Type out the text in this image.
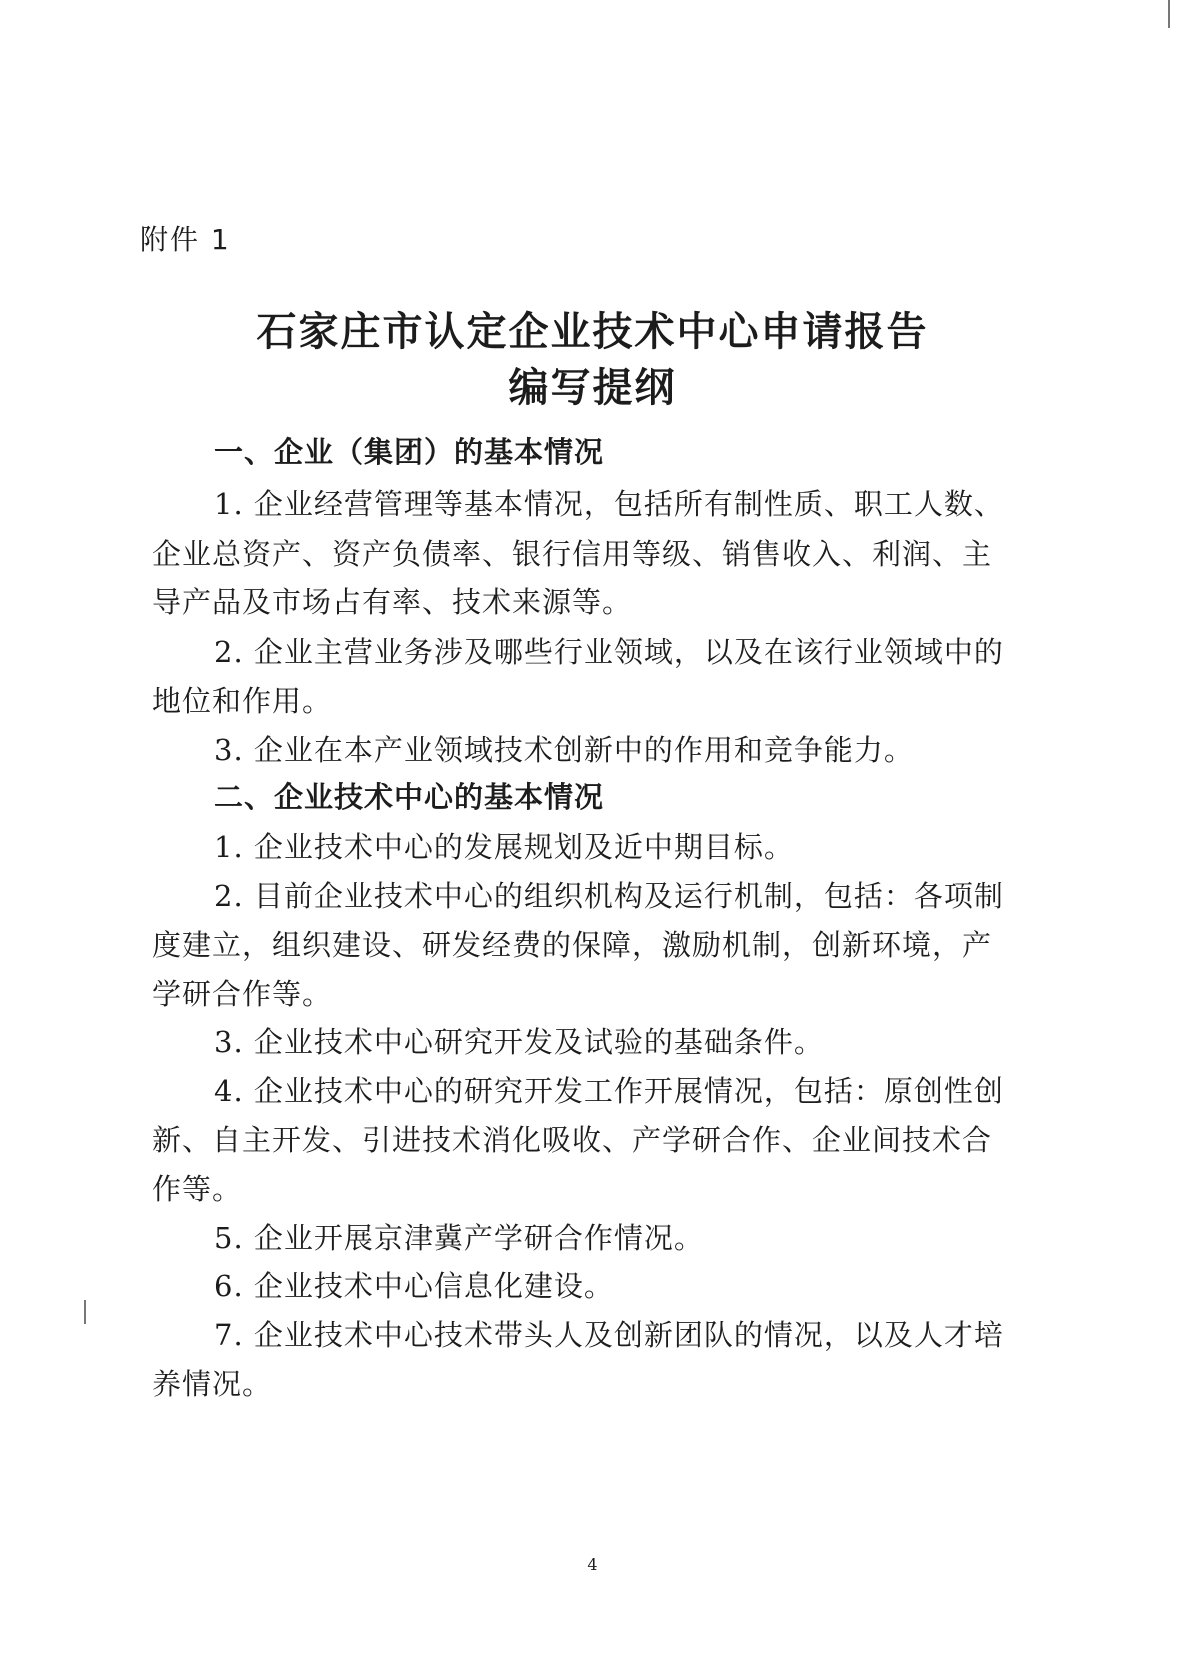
附件 1
石家庄市认定企业技术中心申请报告
编写提纲
一、企业（集团）的基本情况
1. 企业经营管理等基本情况，包括所有制性质、职工人数、
企业总资产、资产负债率、银行信用等级、销售收入、利润、主
导产品及市场占有率、技术来源等。
2. 企业主营业务涉及哪些行业领域，以及在该行业领域中的
地位和作用。
3. 企业在本产业领域技术创新中的作用和竞争能力。
二、企业技术中心的基本情况
1. 企业技术中心的发展规划及近中期目标。
2. 目前企业技术中心的组织机构及运行机制，包括：各项制
度建立，组织建设、研发经费的保障，激励机制，创新环境，产
学研合作等。
3. 企业技术中心研究开发及试验的基础条件。
4. 企业技术中心的研究开发工作开展情况，包括：原创性创
新、自主开发、引进技术消化吸收、产学研合作、企业间技术合
作等。
5. 企业开展京津冀产学研合作情况。
6. 企业技术中心信息化建设。
7. 企业技术中心技术带头人及创新团队的情况，以及人才培
养情况。
4
